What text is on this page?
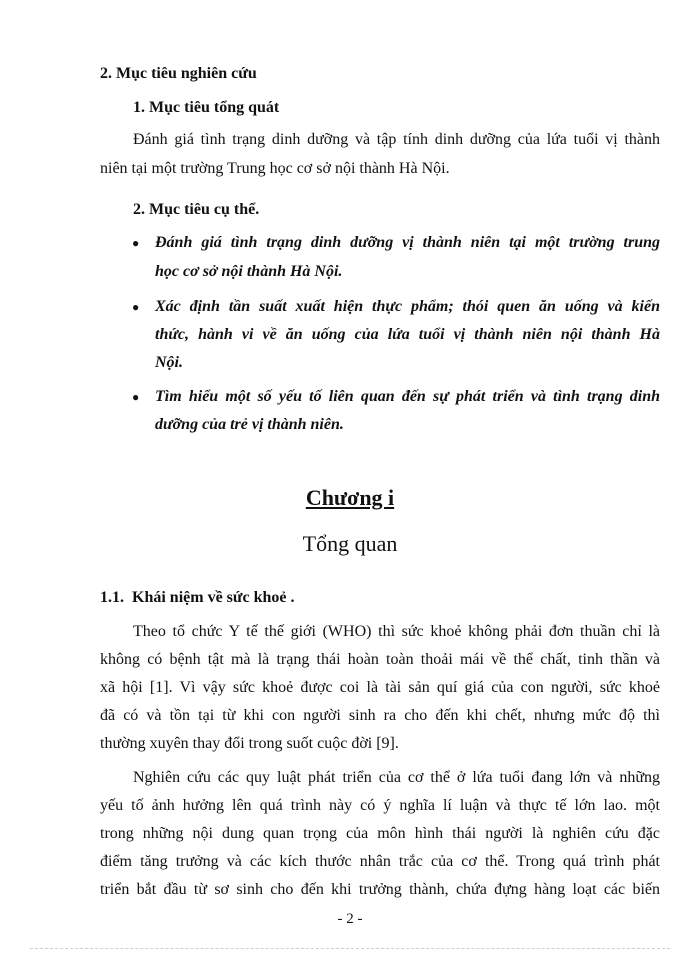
2. Mục tiêu nghiên cứu
1. Mục tiêu tổng quát
Đánh giá tình trạng dinh dưỡng và tập tính dinh dưỡng của lứa tuổi vị thành
niên tại một trường Trung học cơ sở nội thành Hà Nội.
2. Mục tiêu cụ thể.
● Đánh giá tình trạng dinh dưỡng vị thành niên tại một trường trung
học cơ sở nội thành Hà Nội.
● Xác định tần suất xuất hiện thực phẩm; thói quen ăn uống và kiến
thức, hành vi về ăn uống của lứa tuổi vị thành niên nội thành Hà
Nội.
● Tìm hiểu một số yếu tố liên quan đến sự phát triển và tình trạng dinh
dưỡng của trẻ vị thành niên.
Chương i
Tổng quan
1.1. Khái niệm về sức khoẻ .
Theo tổ chức Y tế thế giới (WHO) thì sức khoẻ không phải đơn thuần chỉ là
không có bệnh tật mà là trạng thái hoàn toàn thoải mái về thể chất, tinh thần và
xã hội [1]. Vì vậy sức khoẻ được coi là tài sản quí giá của con người, sức khoẻ
đã có và tồn tại từ khi con người sinh ra cho đến khi chết, nhưng mức độ thì
thường xuyên thay đổi trong suốt cuộc đời [9].
Nghiên cứu các quy luật phát triển của cơ thể ở lứa tuổi đang lớn và những
yếu tố ảnh hưởng lên quá trình này có ý nghĩa lí luận và thực tế lớn lao. một
trong những nội dung quan trọng của môn hình thái người là nghiên cứu đặc
điểm tăng trưởng và các kích thước nhân trắc của cơ thể. Trong quá trình phát
triển bắt đầu từ sơ sinh cho đến khi trưởng thành, chứa đựng hàng loạt các biến
- 2 -
